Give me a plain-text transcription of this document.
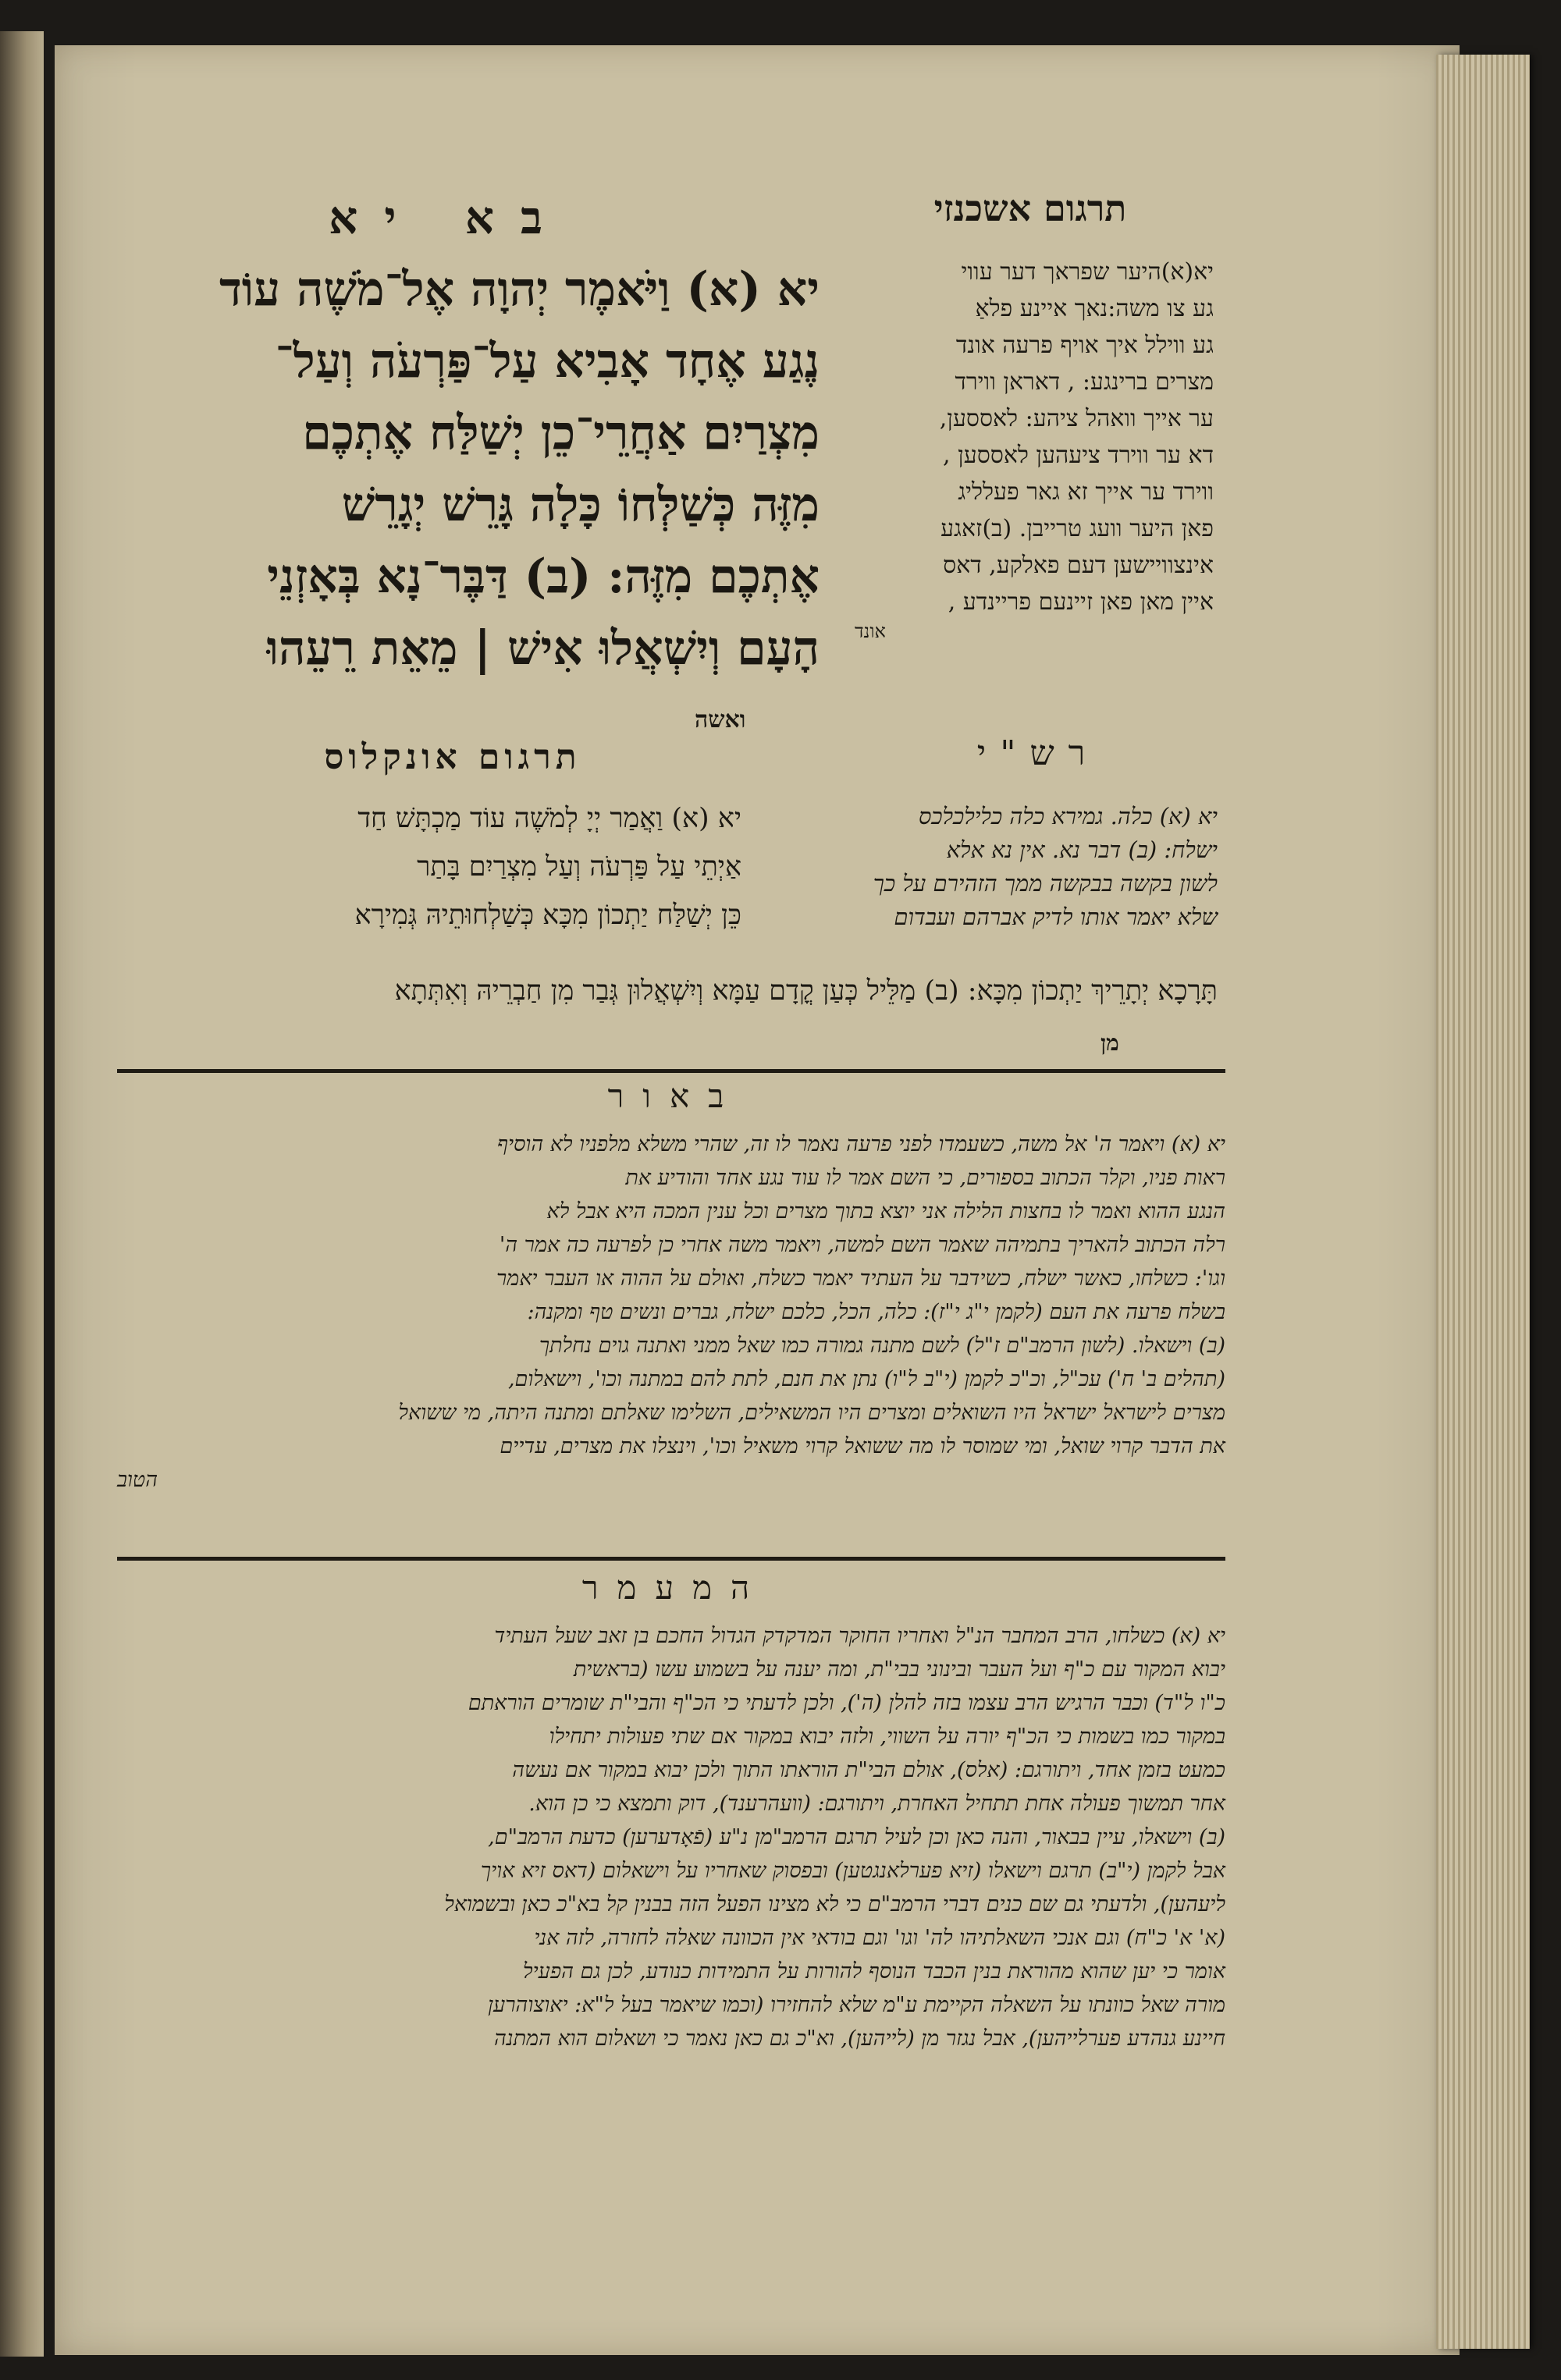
תרגום אשכנזי
יא(א)היער שפראך דער עווי
גע צו משה:נאך איינע פלאַ
גע ווילל איך אויף פרעה אונד
מצרים ברינגע: , דאראן ווירד
ער אייך וואהל ציהע: לאססען,
דא ער ווירד ציעהען לאססען ,
ווירד ער אייך זא גאר פעלליג
פאן היער וועג טרייבן. (ב)זאגע
אינצוויישען דעם פאלקע, דאס
איין מאן פאן זיינעם פריינדע ,
אונד
רש"י
יא (א) כלה. גמירא כלה כלילכלכס
ישלח: (ב) דבר נא. אין נא אלא
לשון בקשה בבקשה ממך הזהירם על כך
שלא יאמר אותו לדיק אברהם ועבדום
בא יא
יא (א) וַיֹּאמֶר יְהוָה אֶל־מֹשֶׁה עוֹד
נֶגַע אֶחָד אָבִיא עַל־פַּרְעֹה וְעַל־
מִצְרַיִם אַחֲרֵי־כֵן יְשַׁלַּח אֶתְכֶם
מִזֶּה כְּשַׁלְּחוֹ כָּלָה גָּרֵשׁ יְגָרֵשׁ
אֶתְכֶם מִזֶּה: (ב) דַּבֶּר־נָא בְּאָזְנֵי
הָעָם וְיִשְׁאֲלוּ אִישׁ | מֵאֵת רֵעֵהוּ
ואשה
תרגום אונקלוס
יא (א) וַאֲמַר יְיָ לְמֹשֶׁה עוֹד מַכְתָּשׁ חַד
אַיְתֵי עַל פַּרְעֹה וְעַל מִצְרַיִם בָּתַר
כֵּן יְשַׁלַּח יַתְכוֹן מִכָּא כְּשַׁלְחוּתֵיהּ גְּמִירָא
תָּרָכָא יְתָרֵיךְ יַתְכוֹן מִכָּא: (ב) מַלֵּיל כְּעַן קֳדָם עַמָּא וְיִשְׁאֲלוּן גְּבַר מִן חַבְרֵיהּ וְאִתְּתָא
מן
באור
יא (א) ויאמר ה' אל משה, כשעמדו לפני פרעה נאמר לו זה, שהרי משלא מלפניו לא הוסיף
ראות פניו, וקלר הכתוב בספורים, כי השם אמר לו עוד נגע אחד והודיע את
הנגע ההוא ואמר לו בחצות הלילה אני יוצא בתוך מצרים וכל ענין המכה היא אבל לא
רלה הכתוב להאריך בתמיהה שאמר השם למשה, ויאמר משה אחרי כן לפרעה כה אמר ה'
וגו': כשלחו, כאשר ישלח, כשידבר על העתיד יאמר כשלח, ואולם על ההוה או העבר יאמר
בשלח פרעה את העם (לקמן י"ג י"ז): כלה, הכל, כלכם ישלח, גברים ונשים טף ומקנה:
(ב) וישאלו. (לשון הרמב"ם ז"ל) לשם מתנה גמורה כמו שאל ממני ואתנה גוים נחלתך
(תהלים ב' ח') עכ"ל, וכ"כ לקמן (י"ב ל"ו) נתן את חנם, לתת להם במתנה וכו', וישאלום,
מצרים לישראל ישראל היו השואלים ומצרים היו המשאילים, השלימו שאלתם ומתנה היתה, מי ששואל
את הדבר קרוי שואל, ומי שמוסר לו מה ששואל קרוי משאיל וכו', וינצלו את מצרים, עדיים
הטוב
המעמר
יא (א) כשלחו, הרב המחבר הנ"ל ואחריו החוקר המדקדק הגדול החכם בן זאב שעל העתיד
יבוא המקור עם כ"ף ועל העבר ובינוני בבי"ת, ומה יענה על בשמוע עשו (בראשית
כ"ו ל"ד) וכבר הרגיש הרב עצמו בזה להלן (ה'), ולכן לדעתי כי הכ"ף והבי"ת שומרים הוראתם
במקור כמו בשמות כי הכ"ף יורה על השווי, ולזה יבוא במקור אם שתי פעולות יתחילו
כמעט בזמן אחד, ויתורגם: (אלס), אולם הבי"ת הוראתו התוך ולכן יבוא במקור אם נעשה
אחר תמשוך פעולה אחת תתחיל האחרת, ויתורגם: (וועהרענד), דוק ותמצא כי כן הוא.
(ב) וישאלו, עיין בבאור, והנה כאן וכן לעיל תרגם הרמב"מן נ"ע (פֿאָדערען) כדעת הרמב"ם,
אבל לקמן (י"ב) תרגם וישאלו (זיא פערלאנגטען) ובפסוק שאחריו על וישאלום (דאס זיא אויך
ליעהען), ולדעתי גם שם כנים דברי הרמב"ם כי לא מצינו הפעל הזה בבנין קל בא"כ כאן ובשמואל
(א' א' כ"ח) וגם אנכי השאלתיהו לה' וגו' וגם בודאי אין הכוונה שאלה לחזרה, לזה אני
אומר כי יען שהוא מהוראת בנין הכבד הנוסף להורות על התמידות כנודע, לכן גם הפעיל
מורה שאל כוונתו על השאלה הקיימת ע"מ שלא להחזירו (וכמו שיאמר בעל ל"א: יאוצוהרען
חיינע גנהדע פערלייהען), אבל נגזר מן (לייהען), וא"כ גם כאן נאמר כי ושאלום הוא המתנה
